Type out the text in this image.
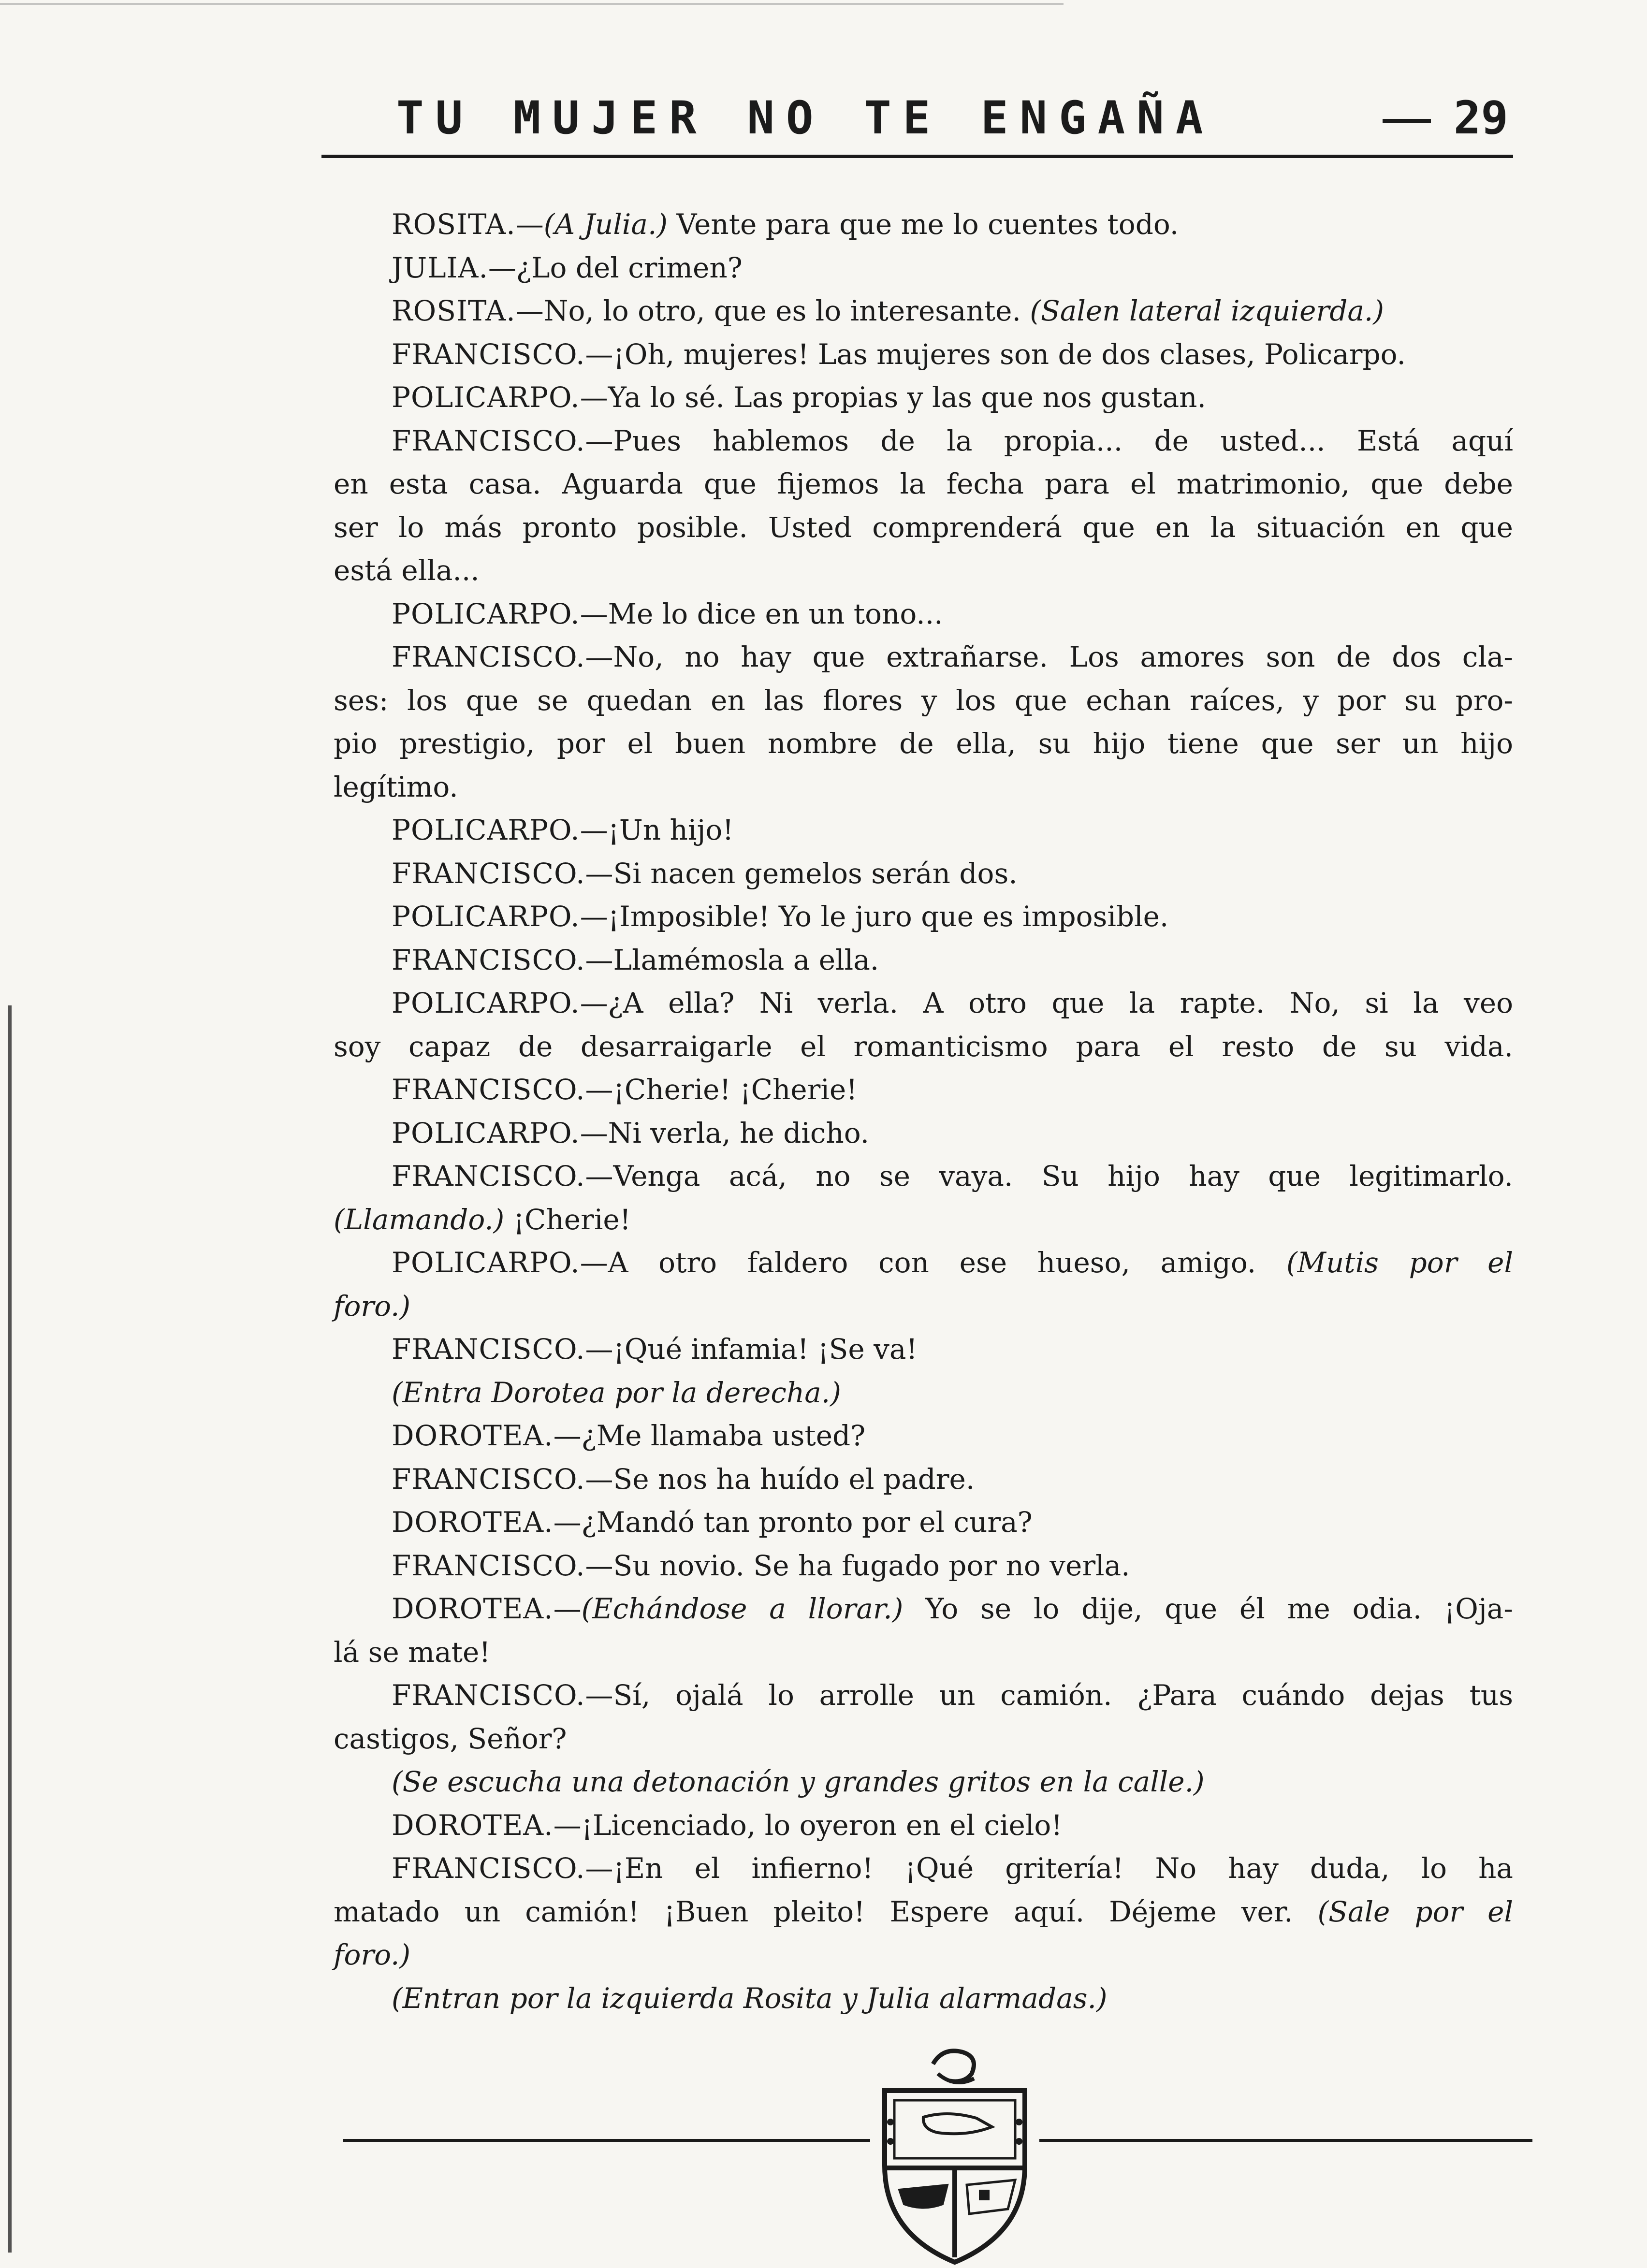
TU MUJER NO TE ENGAÑA	29
ROSITA.—(A Julia.) Vente para que me lo cuentes todo.
JULIA.—¿Lo del crimen?
ROSITA.—No, lo otro, que es lo interesante. (Salen lateral izquierda.)
FRANCISCO.—¡Oh, mujeres! Las mujeres son de dos clases, Policarpo.
POLICARPO.—Ya lo sé. Las propias y las que nos gustan.
FRANCISCO.—Pues hablemos de la propia... de usted... Está aquí
en esta casa. Aguarda que fijemos la fecha para el matrimonio, que debe
ser lo más pronto posible. Usted comprenderá que en la situación en que
está ella...
POLICARPO.—Me lo dice en un tono...
FRANCISCO.—No, no hay que extrañarse. Los amores son de dos cla-
ses: los que se quedan en las flores y los que echan raíces, y por su pro-
pio prestigio, por el buen nombre de ella, su hijo tiene que ser un hijo
legítimo.
POLICARPO.—¡Un hijo!
FRANCISCO.—Si nacen gemelos serán dos.
POLICARPO.—¡Imposible! Yo le juro que es imposible.
FRANCISCO.—Llamémosla a ella.
POLICARPO.—¿A ella? Ni verla. A otro que la rapte. No, si la veo
soy capaz de desarraigarle el romanticismo para el resto de su vida.
FRANCISCO.—¡Cherie! ¡Cherie!
POLICARPO.—Ni verla, he dicho.
FRANCISCO.—Venga acá, no se vaya. Su hijo hay que legitimarlo.
(Llamando.) ¡Cherie!
POLICARPO.—A otro faldero con ese hueso, amigo. (Mutis por el
foro.)
FRANCISCO.—¡Qué infamia! ¡Se va!
(Entra Dorotea por la derecha.)
DOROTEA.—¿Me llamaba usted?
FRANCISCO.—Se nos ha huído el padre.
DOROTEA.—¿Mandó tan pronto por el cura?
FRANCISCO.—Su novio. Se ha fugado por no verla.
DOROTEA.—(Echándose a llorar.) Yo se lo dije, que él me odia. ¡Oja-
lá se mate!
FRANCISCO.—Sí, ojalá lo arrolle un camión. ¿Para cuándo dejas tus
castigos, Señor?
(Se escucha una detonación y grandes gritos en la calle.)
DOROTEA.—¡Licenciado, lo oyeron en el cielo!
FRANCISCO.—¡En el infierno! ¡Qué gritería! No hay duda, lo ha
matado un camión! ¡Buen pleito! Espere aquí. Déjeme ver. (Sale por el
foro.)
(Entran por la izquierda Rosita y Julia alarmadas.)
